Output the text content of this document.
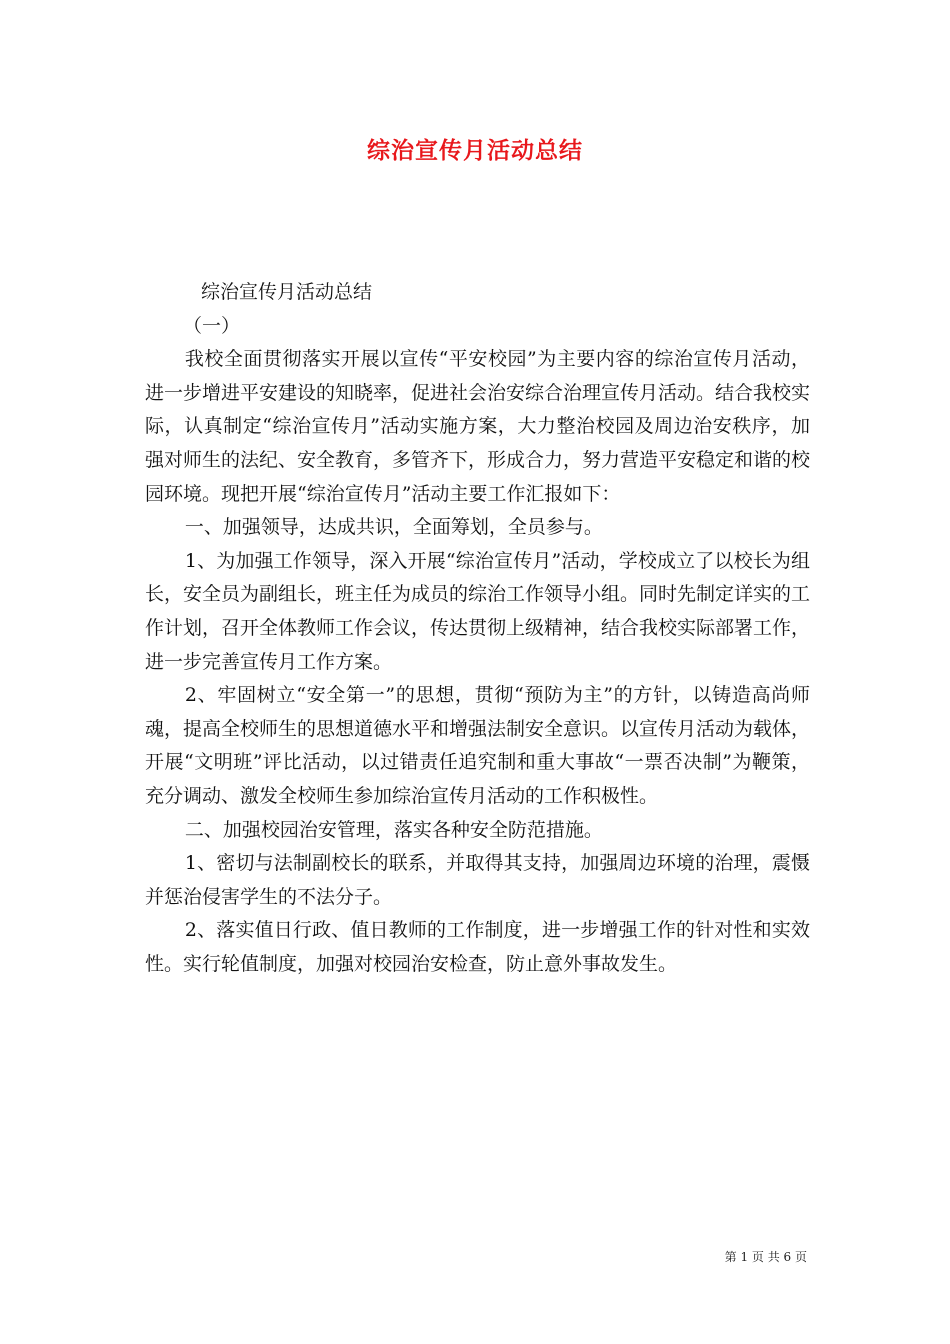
综治宣传月活动总结

综治宣传月活动总结

（一）

我校全面贯彻落实开展以宣传“平安校园”为主要内容的综治宣传月活动，进一步增进平安建设的知晓率，促进社会治安综合治理宣传月活动。结合我校实际，认真制定“综治宣传月”活动实施方案，大力整治校园及周边治安秩序，加强对师生的法纪、安全教育，多管齐下，形成合力，努力营造平安稳定和谐的校园环境。现把开展“综治宣传月”活动主要工作汇报如下：

一、加强领导，达成共识，全面筹划，全员参与。

1、为加强工作领导，深入开展“综治宣传月”活动，学校成立了以校长为组长，安全员为副组长，班主任为成员的综治工作领导小组。同时先制定详实的工作计划，召开全体教师工作会议，传达贯彻上级精神，结合我校实际部署工作，进一步完善宣传月工作方案。

2、牢固树立“安全第一”的思想，贯彻“预防为主”的方针，以铸造高尚师魂，提高全校师生的思想道德水平和增强法制安全意识。以宣传月活动为载体，开展“文明班”评比活动，以过错责任追究制和重大事故“一票否决制”为鞭策，充分调动、激发全校师生参加综治宣传月活动的工作积极性。

二、加强校园治安管理，落实各种安全防范措施。

1、密切与法制副校长的联系，并取得其支持，加强周边环境的治理，震慑并惩治侵害学生的不法分子。

2、落实值日行政、值日教师的工作制度，进一步增强工作的针对性和实效性。实行轮值制度，加强对校园治安检查，防止意外事故发生。

第 1 页 共 6 页
